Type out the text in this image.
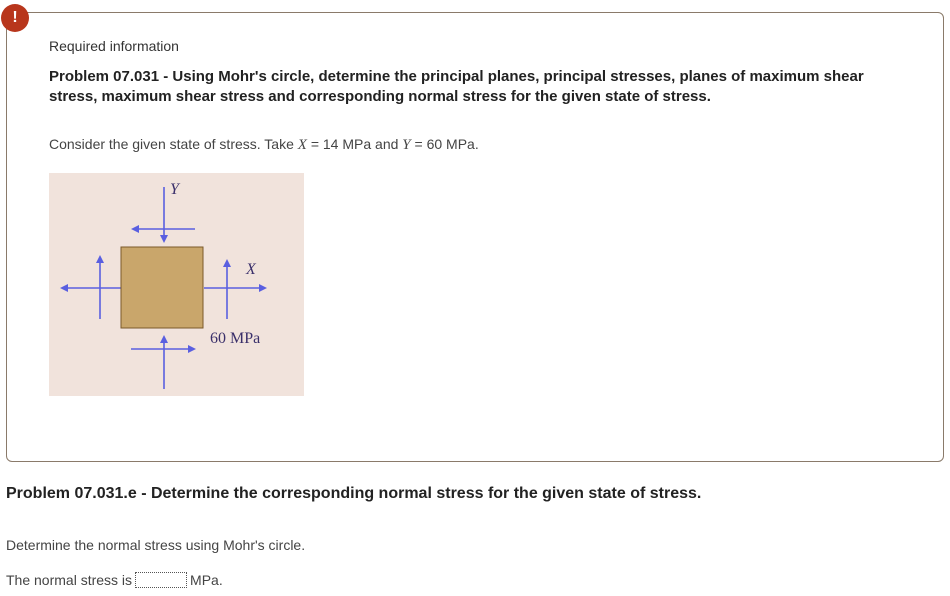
!
Required information
Problem 07.031 - Using Mohr's circle, determine the principal planes, principal stresses, planes of maximum shear stress, maximum shear stress and corresponding normal stress for the given state of stress.
Consider the given state of stress. Take X = 14 MPa and Y = 60 MPa.
Y
X
60 MPa
Problem 07.031.e - Determine the corresponding normal stress for the given state of stress.
Determine the normal stress using Mohr's circle.
The normal stress is	MPa.
